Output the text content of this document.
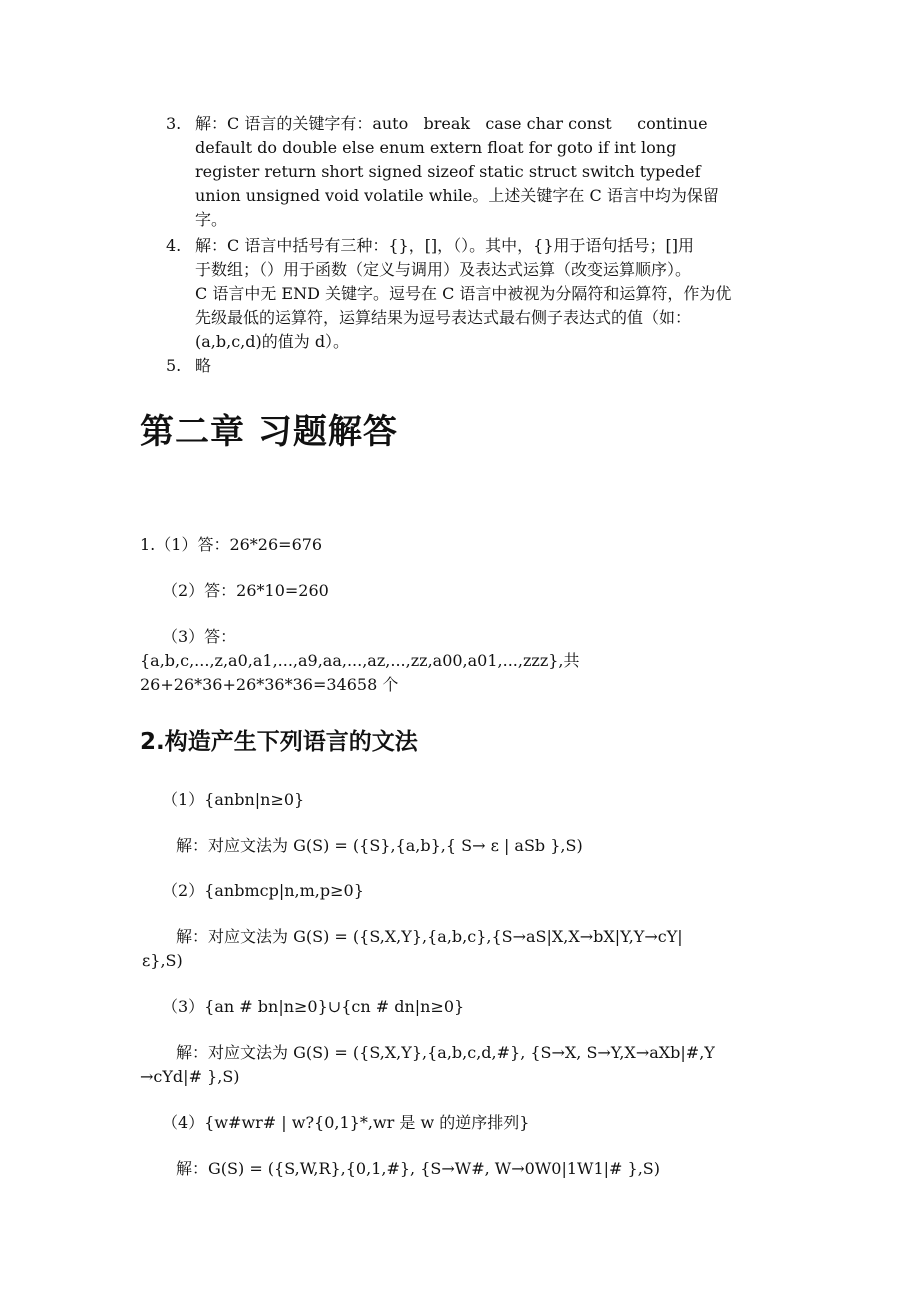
3. 解：C 语言的关键字有：auto   break   case char const     continue
default do double else enum extern float for goto if int long
register return short signed sizeof static struct switch typedef
union unsigned void volatile while。上述关键字在 C 语言中均为保留
字。
4. 解：C 语言中括号有三种：{}，[]，（）。其中，{}用于语句括号；[]用
于数组；（）用于函数（定义与调用）及表达式运算（改变运算顺序）。
C 语言中无 END 关键字。逗号在 C 语言中被视为分隔符和运算符，作为优
先级最低的运算符，运算结果为逗号表达式最右侧子表达式的值（如：
(a,b,c,d)的值为 d）。
5. 略
第二章 习题解答
1.（1）答：26*26=676
（2）答：26*10=260
（3）答：
{a,b,c,...,z,a0,a1,...,a9,aa,...,az,...,zz,a00,a01,...,zzz},共
26+26*36+26*36*36=34658 个
2.构造产生下列语言的文法
（1）{anbn|n≥0}
解：对应文法为 G(S) = ({S},{a,b},{ S→ ε | aSb },S)
（2）{anbmcp|n,m,p≥0}
解：对应文法为 G(S) = ({S,X,Y},{a,b,c},{S→aS|X,X→bX|Y,Y→cY|
ε},S)
（3）{an # bn|n≥0}∪{cn # dn|n≥0}
解：对应文法为 G(S) = ({S,X,Y},{a,b,c,d,#}, {S→X, S→Y,X→aXb|#,Y
→cYd|# },S)
（4）{w#wr# | w?{0,1}*,wr 是 w 的逆序排列}
解：G(S) = ({S,W,R},{0,1,#}, {S→W#, W→0W0|1W1|# },S)
